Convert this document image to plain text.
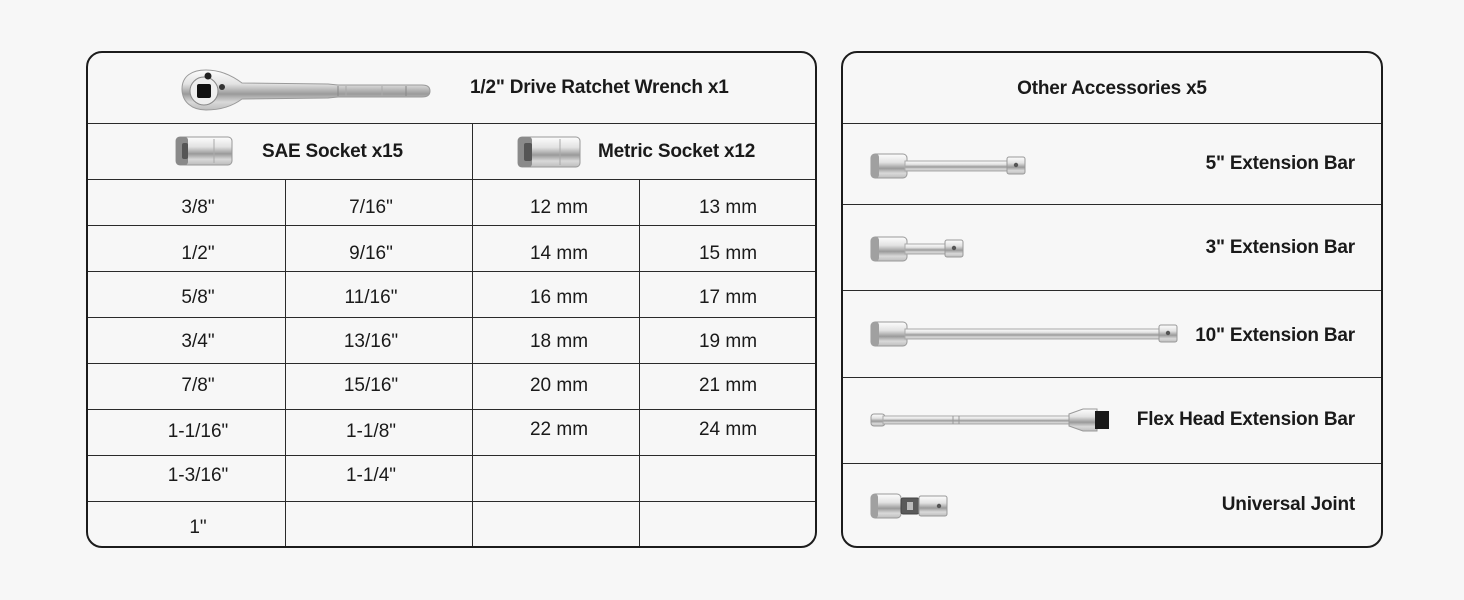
1/2" Drive Ratchet Wrench x1
SAE Socket x15	Metric Socket x12
3/8"
1/2"
5/8"
3/4"
7/8"
1-1/16"
1-3/16"
1"
7/16"
9/16"
11/16"
13/16"
15/16"
1-1/8"
1-1/4"
12 mm
14 mm
16 mm
18 mm
20 mm
22 mm
13 mm
15 mm
17 mm
19 mm
21 mm
24 mm
Other Accessories x5
5" Extension Bar
3" Extension Bar
10" Extension Bar
Flex Head Extension Bar
Universal Joint
